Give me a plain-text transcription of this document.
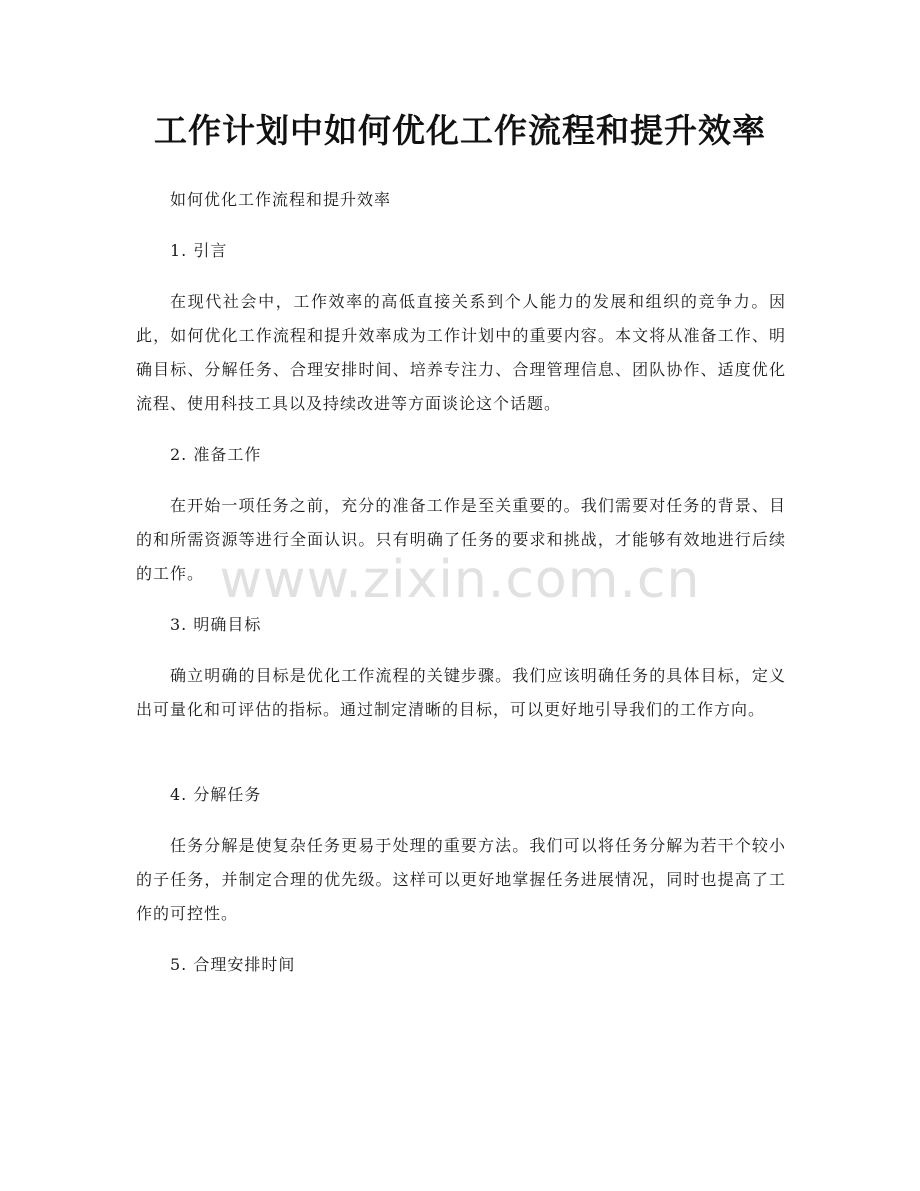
工作计划中如何优化工作流程和提升效率

如何优化工作流程和提升效率

1. 引言

在现代社会中，工作效率的高低直接关系到个人能力的发展和组织的竞争力。因此，如何优化工作流程和提升效率成为工作计划中的重要内容。本文将从准备工作、明确目标、分解任务、合理安排时间、培养专注力、合理管理信息、团队协作、适度优化流程、使用科技工具以及持续改进等方面谈论这个话题。

2. 准备工作

在开始一项任务之前，充分的准备工作是至关重要的。我们需要对任务的背景、目的和所需资源等进行全面认识。只有明确了任务的要求和挑战，才能够有效地进行后续的工作。

3. 明确目标

确立明确的目标是优化工作流程的关键步骤。我们应该明确任务的具体目标，定义出可量化和可评估的指标。通过制定清晰的目标，可以更好地引导我们的工作方向。

4. 分解任务

任务分解是使复杂任务更易于处理的重要方法。我们可以将任务分解为若干个较小的子任务，并制定合理的优先级。这样可以更好地掌握任务进展情况，同时也提高了工作的可控性。

5. 合理安排时间

www.zixin.com.cn
